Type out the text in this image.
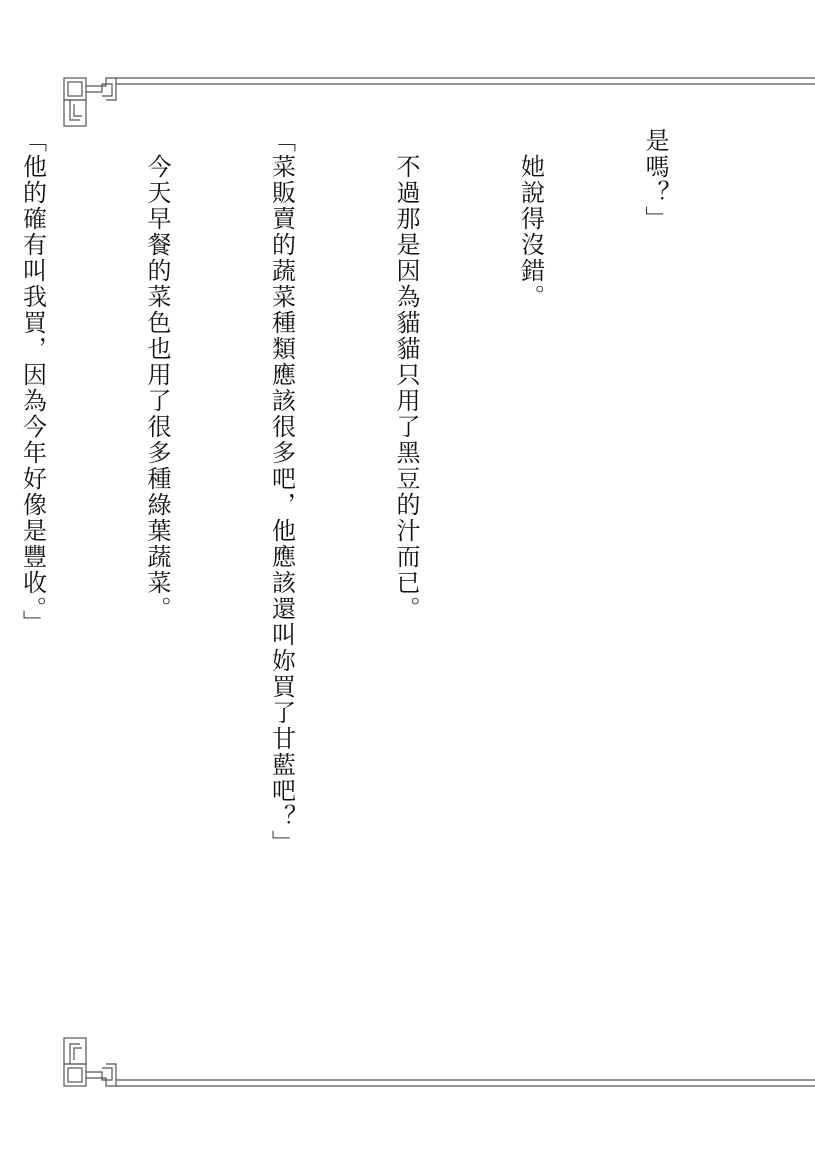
是嗎？」

　她說得沒錯。

　不過那是因為貓貓只用了黑豆的汁而已。

「菜販賣的蔬菜種類應該很多吧，他應該還叫妳買了甘藍吧？」

　今天早餐的菜色也用了很多種綠葉蔬菜。

「他的確有叫我買，因為今年好像是豐收。」
